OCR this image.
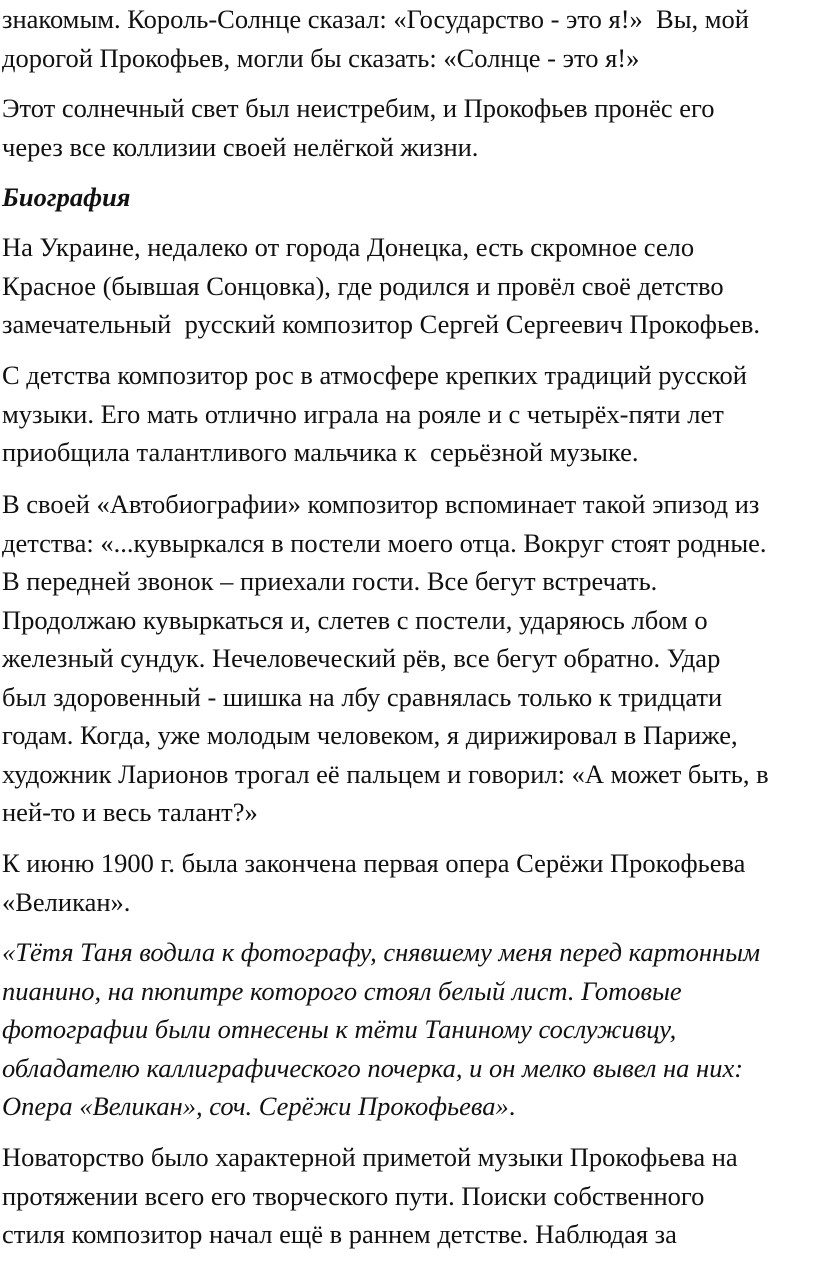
знакомым. Король-Солнце сказал: «Государство - это я!»  Вы, мой
дорогой Прокофьев, могли бы сказать: «Солнце - это я!»

Этот солнечный свет был неистребим, и Прокофьев пронёс его
через все коллизии своей нелёгкой жизни.

Биография

На Украине, недалеко от города Донецка, есть скромное село
Красное (бывшая Сонцовка), где родился и провёл своё детство
замечательный  русский композитор Сергей Сергеевич Прокофьев.

С детства композитор рос в атмосфере крепких традиций русской
музыки. Его мать отлично играла на рояле и с четырёх-пяти лет
приобщила талантливого мальчика к  серьёзной музыке.

В своей «Автобиографии» композитор вспоминает такой эпизод из
детства: «...кувыркался в постели моего отца. Вокруг стоят родные.
В передней звонок – приехали гости. Все бегут встречать.
Продолжаю кувыркаться и, слетев с постели, ударяюсь лбом о
железный сундук. Нечеловеческий рёв, все бегут обратно. Удар
был здоровенный - шишка на лбу сравнялась только к тридцати
годам. Когда, уже молодым человеком, я дирижировал в Париже,
художник Ларионов трогал её пальцем и говорил: «А может быть, в
ней-то и весь талант?»

К июню 1900 г. была закончена первая опера Серёжи Прокофьева
«Великан».

«Тётя Таня водила к фотографу, снявшему меня перед картонным
пианино, на пюпитре которого стоял белый лист. Готовые
фотографии были отнесены к тёти Таниному сослуживцу,
обладателю каллиграфического почерка, и он мелко вывел на них:
Опера «Великан», соч. Серёжи Прокофьева».

Новаторство было характерной приметой музыки Прокофьева на
протяжении всего его творческого пути. Поиски собственного
стиля композитор начал ещё в раннем детстве. Наблюдая за
